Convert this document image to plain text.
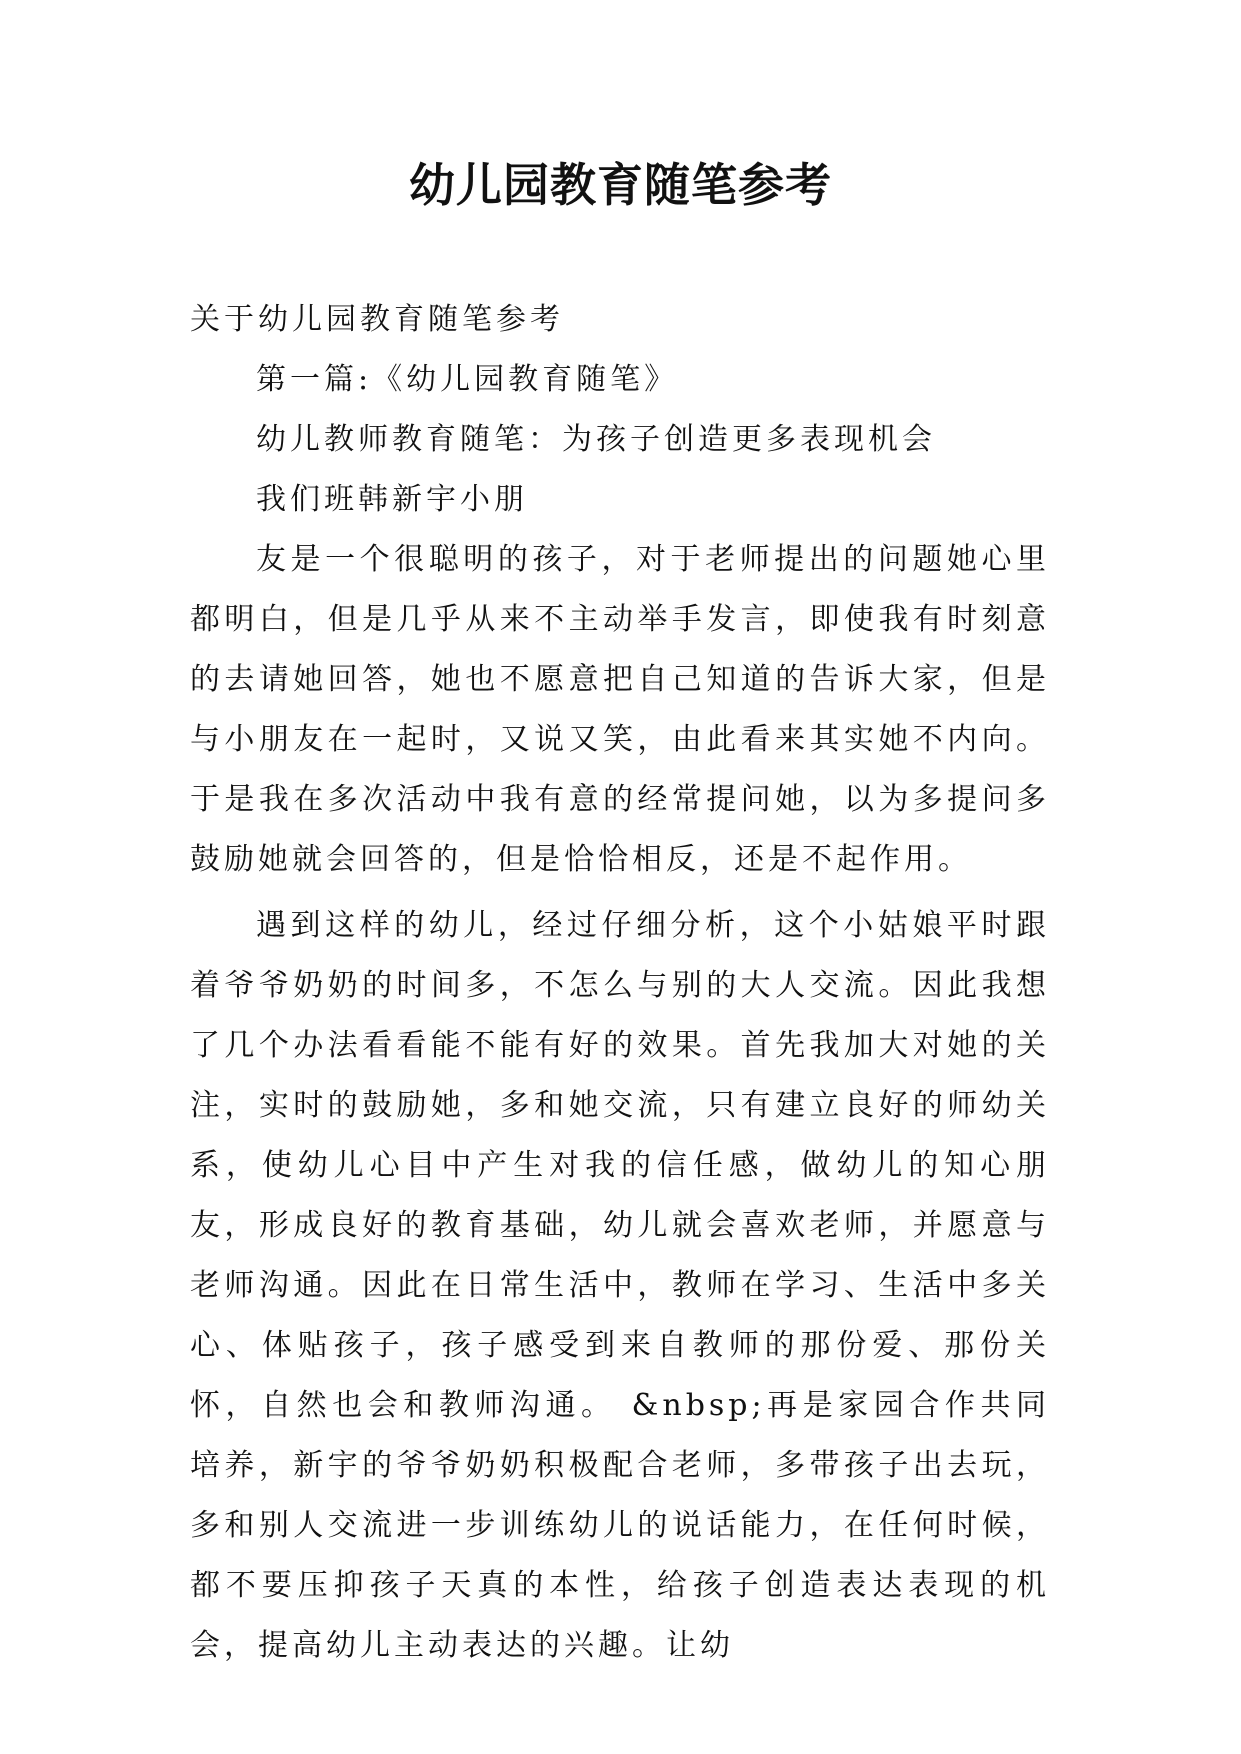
幼儿园教育随笔参考

关于幼儿园教育随笔参考

第一篇:《幼儿园教育随笔》

幼儿教师教育随笔：为孩子创造更多表现机会

我们班韩新宇小朋

友是一个很聪明的孩子，对于老师提出的问题她心里都明白，但是几乎从来不主动举手发言，即使我有时刻意的去请她回答，她也不愿意把自己知道的告诉大家，但是与小朋友在一起时，又说又笑，由此看来其实她不内向。于是我在多次活动中我有意的经常提问她，以为多提问多鼓励她就会回答的，但是恰恰相反，还是不起作用。

遇到这样的幼儿，经过仔细分析，这个小姑娘平时跟着爷爷奶奶的时间多，不怎么与别的大人交流。因此我想了几个办法看看能不能有好的效果。首先我加大对她的关注，实时的鼓励她，多和她交流，只有建立良好的师幼关系，使幼儿心目中产生对我的信任感，做幼儿的知心朋友，形成良好的教育基础，幼儿就会喜欢老师，并愿意与老师沟通。因此在日常生活中，教师在学习、生活中多关心、体贴孩子，孩子感受到来自教师的那份爱、那份关怀，自然也会和教师沟通。 &nbsp;再是家园合作共同培养，新宇的爷爷奶奶积极配合老师，多带孩子出去玩，多和别人交流进一步训练幼儿的说话能力，在任何时候，都不要压抑孩子天真的本性，给孩子创造表达表现的机会，提高幼儿主动表达的兴趣。让幼
